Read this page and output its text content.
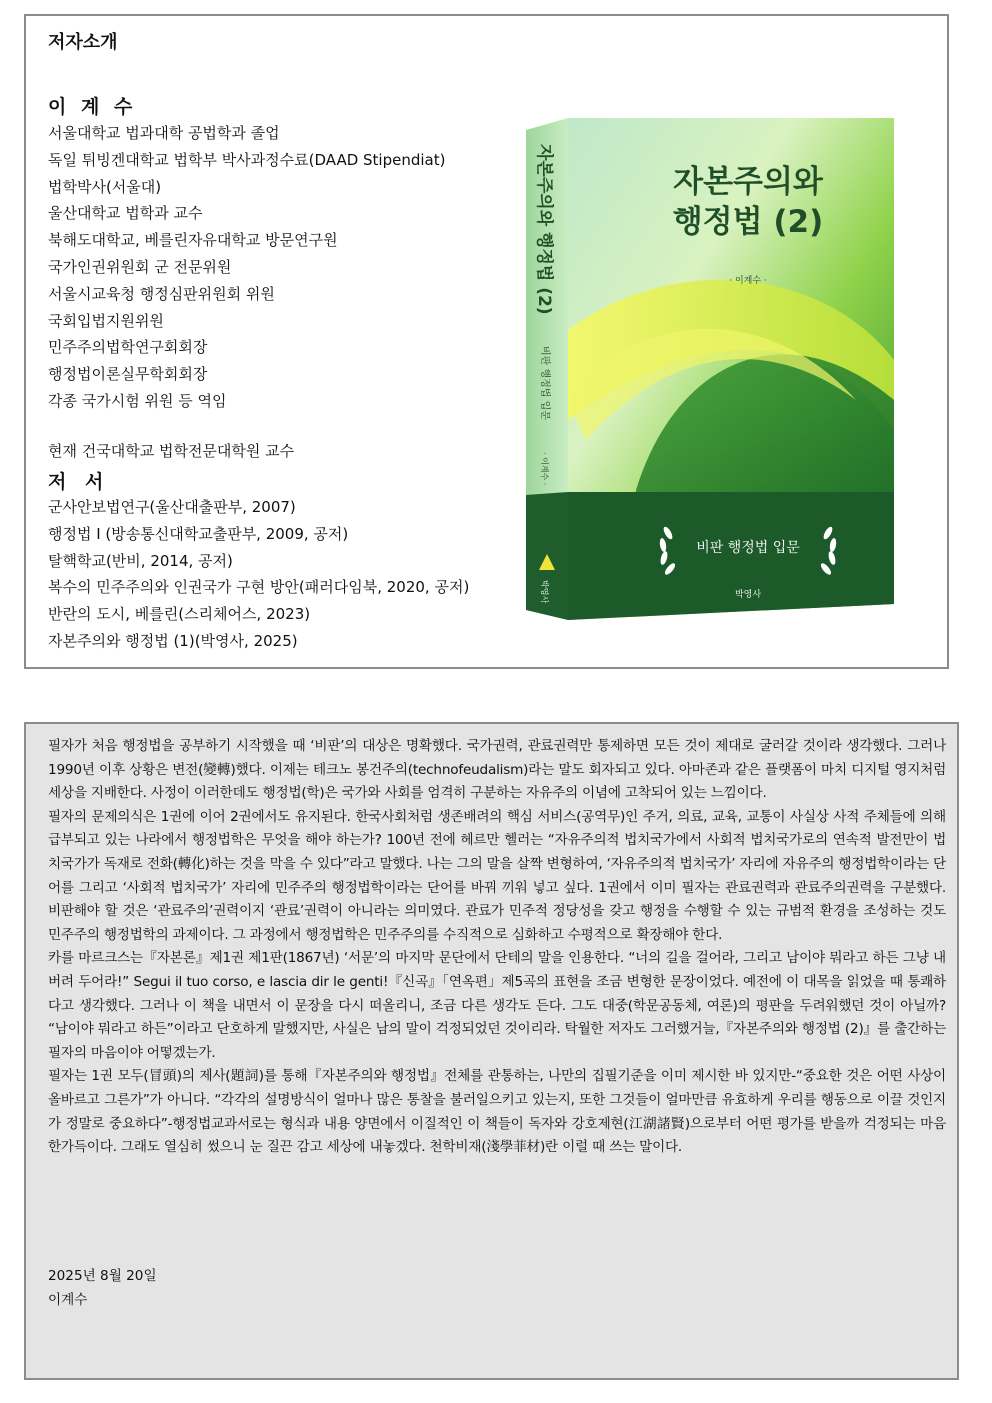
저자소개
이 계 수
서울대학교 법과대학 공법학과 졸업
독일 튀빙겐대학교 법학부 박사과정수료(DAAD Stipendiat)
법학박사(서울대)
울산대학교 법학과 교수
북해도대학교, 베를린자유대학교 방문연구원
국가인권위원회 군 전문위원
서울시교육청 행정심판위원회 위원
국회입법지원위원
민주주의법학연구회회장
행정법이론실무학회회장
각종 국가시험 위원 등 역임
현재 건국대학교 법학전문대학원 교수
저 서
군사안보법연구(울산대출판부, 2007)
행정법 I (방송통신대학교출판부, 2009, 공저)
탈핵학교(반비, 2014, 공저)
복수의 민주주의와 인권국가 구현 방안(패러다임북, 2020, 공저)
반란의 도시, 베를린(스리체어스, 2023)
자본주의와 행정법 (1)(박영사, 2025)
자본주의와
행정법 (2)
· 이계수 ·
비판 행정법 입문
박영사
자본주의와 행정법 (2)
비판 행정법 입문
· 이계수 ·
박영사

필자가 처음 행정법을 공부하기 시작했을 때 ‘비판’의 대상은 명확했다. 국가권력, 관료권력만 통제하면 모든 것이 제대로 굴러갈 것이라 생각했다. 그러나 1990년 이후 상황은 변전(變轉)했다. 이제는 테크노 봉건주의(technofeudalism)라는 말도 회자되고 있다. 아마존과 같은 플랫폼이 마치 디지털 영지처럼 세상을 지배한다. 사정이 이러한데도 행정법(학)은 국가와 사회를 엄격히 구분하는 자유주의 이념에 고착되어 있는 느낌이다.

필자의 문제의식은 1권에 이어 2권에서도 유지된다. 한국사회처럼 생존배려의 핵심 서비스(공역무)인 주거, 의료, 교육, 교통이 사실상 사적 주체들에 의해 급부되고 있는 나라에서 행정법학은 무엇을 해야 하는가? 100년 전에 헤르만 헬러는 “자유주의적 법치국가에서 사회적 법치국가로의 연속적 발전만이 법치국가가 독재로 전화(轉化)하는 것을 막을 수 있다”라고 말했다. 나는 그의 말을 살짝 변형하여, ‘자유주의적 법치국가’ 자리에 자유주의 행정법학이라는 단어를 그리고 ‘사회적 법치국가’ 자리에 민주주의 행정법학이라는 단어를 바꿔 끼워 넣고 싶다. 1권에서 이미 필자는 관료권력과 관료주의권력을 구분했다. 비판해야 할 것은 ‘관료주의’권력이지 ‘관료’권력이 아니라는 의미였다. 관료가 민주적 정당성을 갖고 행정을 수행할 수 있는 규범적 환경을 조성하는 것도 민주주의 행정법학의 과제이다. 그 과정에서 행정법학은 민주주의를 수직적으로 심화하고 수평적으로 확장해야 한다.

카를 마르크스는『자본론』제1권 제1판(1867년) ‘서문’의 마지막 문단에서 단테의 말을 인용한다. “너의 길을 걸어라, 그리고 남이야 뭐라고 하든 그냥 내버려 두어라!” Segui il tuo corso, e lascia dir le genti!『신곡』「연옥편」제5곡의 표현을 조금 변형한 문장이었다. 예전에 이 대목을 읽었을 때 통쾌하다고 생각했다. 그러나 이 책을 내면서 이 문장을 다시 떠올리니, 조금 다른 생각도 든다. 그도 대중(학문공동체, 여론)의 평판을 두려워했던 것이 아닐까? “남이야 뭐라고 하든”이라고 단호하게 말했지만, 사실은 남의 말이 걱정되었던 것이리라. 탁월한 저자도 그러했거늘,『자본주의와 행정법 (2)』를 출간하는 필자의 마음이야 어떻겠는가.

필자는 1권 모두(冒頭)의 제사(題詞)를 통해『자본주의와 행정법』전체를 관통하는, 나만의 집필기준을 이미 제시한 바 있지만-“중요한 것은 어떤 사상이 올바르고 그른가”가 아니다. “각각의 설명방식이 얼마나 많은 통찰을 불러일으키고 있는지, 또한 그것들이 얼마만큼 유효하게 우리를 행동으로 이끌 것인지가 정말로 중요하다”-행정법교과서로는 형식과 내용 양면에서 이질적인 이 책들이 독자와 강호제현(江湖諸賢)으로부터 어떤 평가를 받을까 걱정되는 마음 한가득이다. 그래도 열심히 썼으니 눈 질끈 감고 세상에 내놓겠다. 천학비재(淺學菲材)란 이럴 때 쓰는 말이다.

2025년 8월 20일
이계수
